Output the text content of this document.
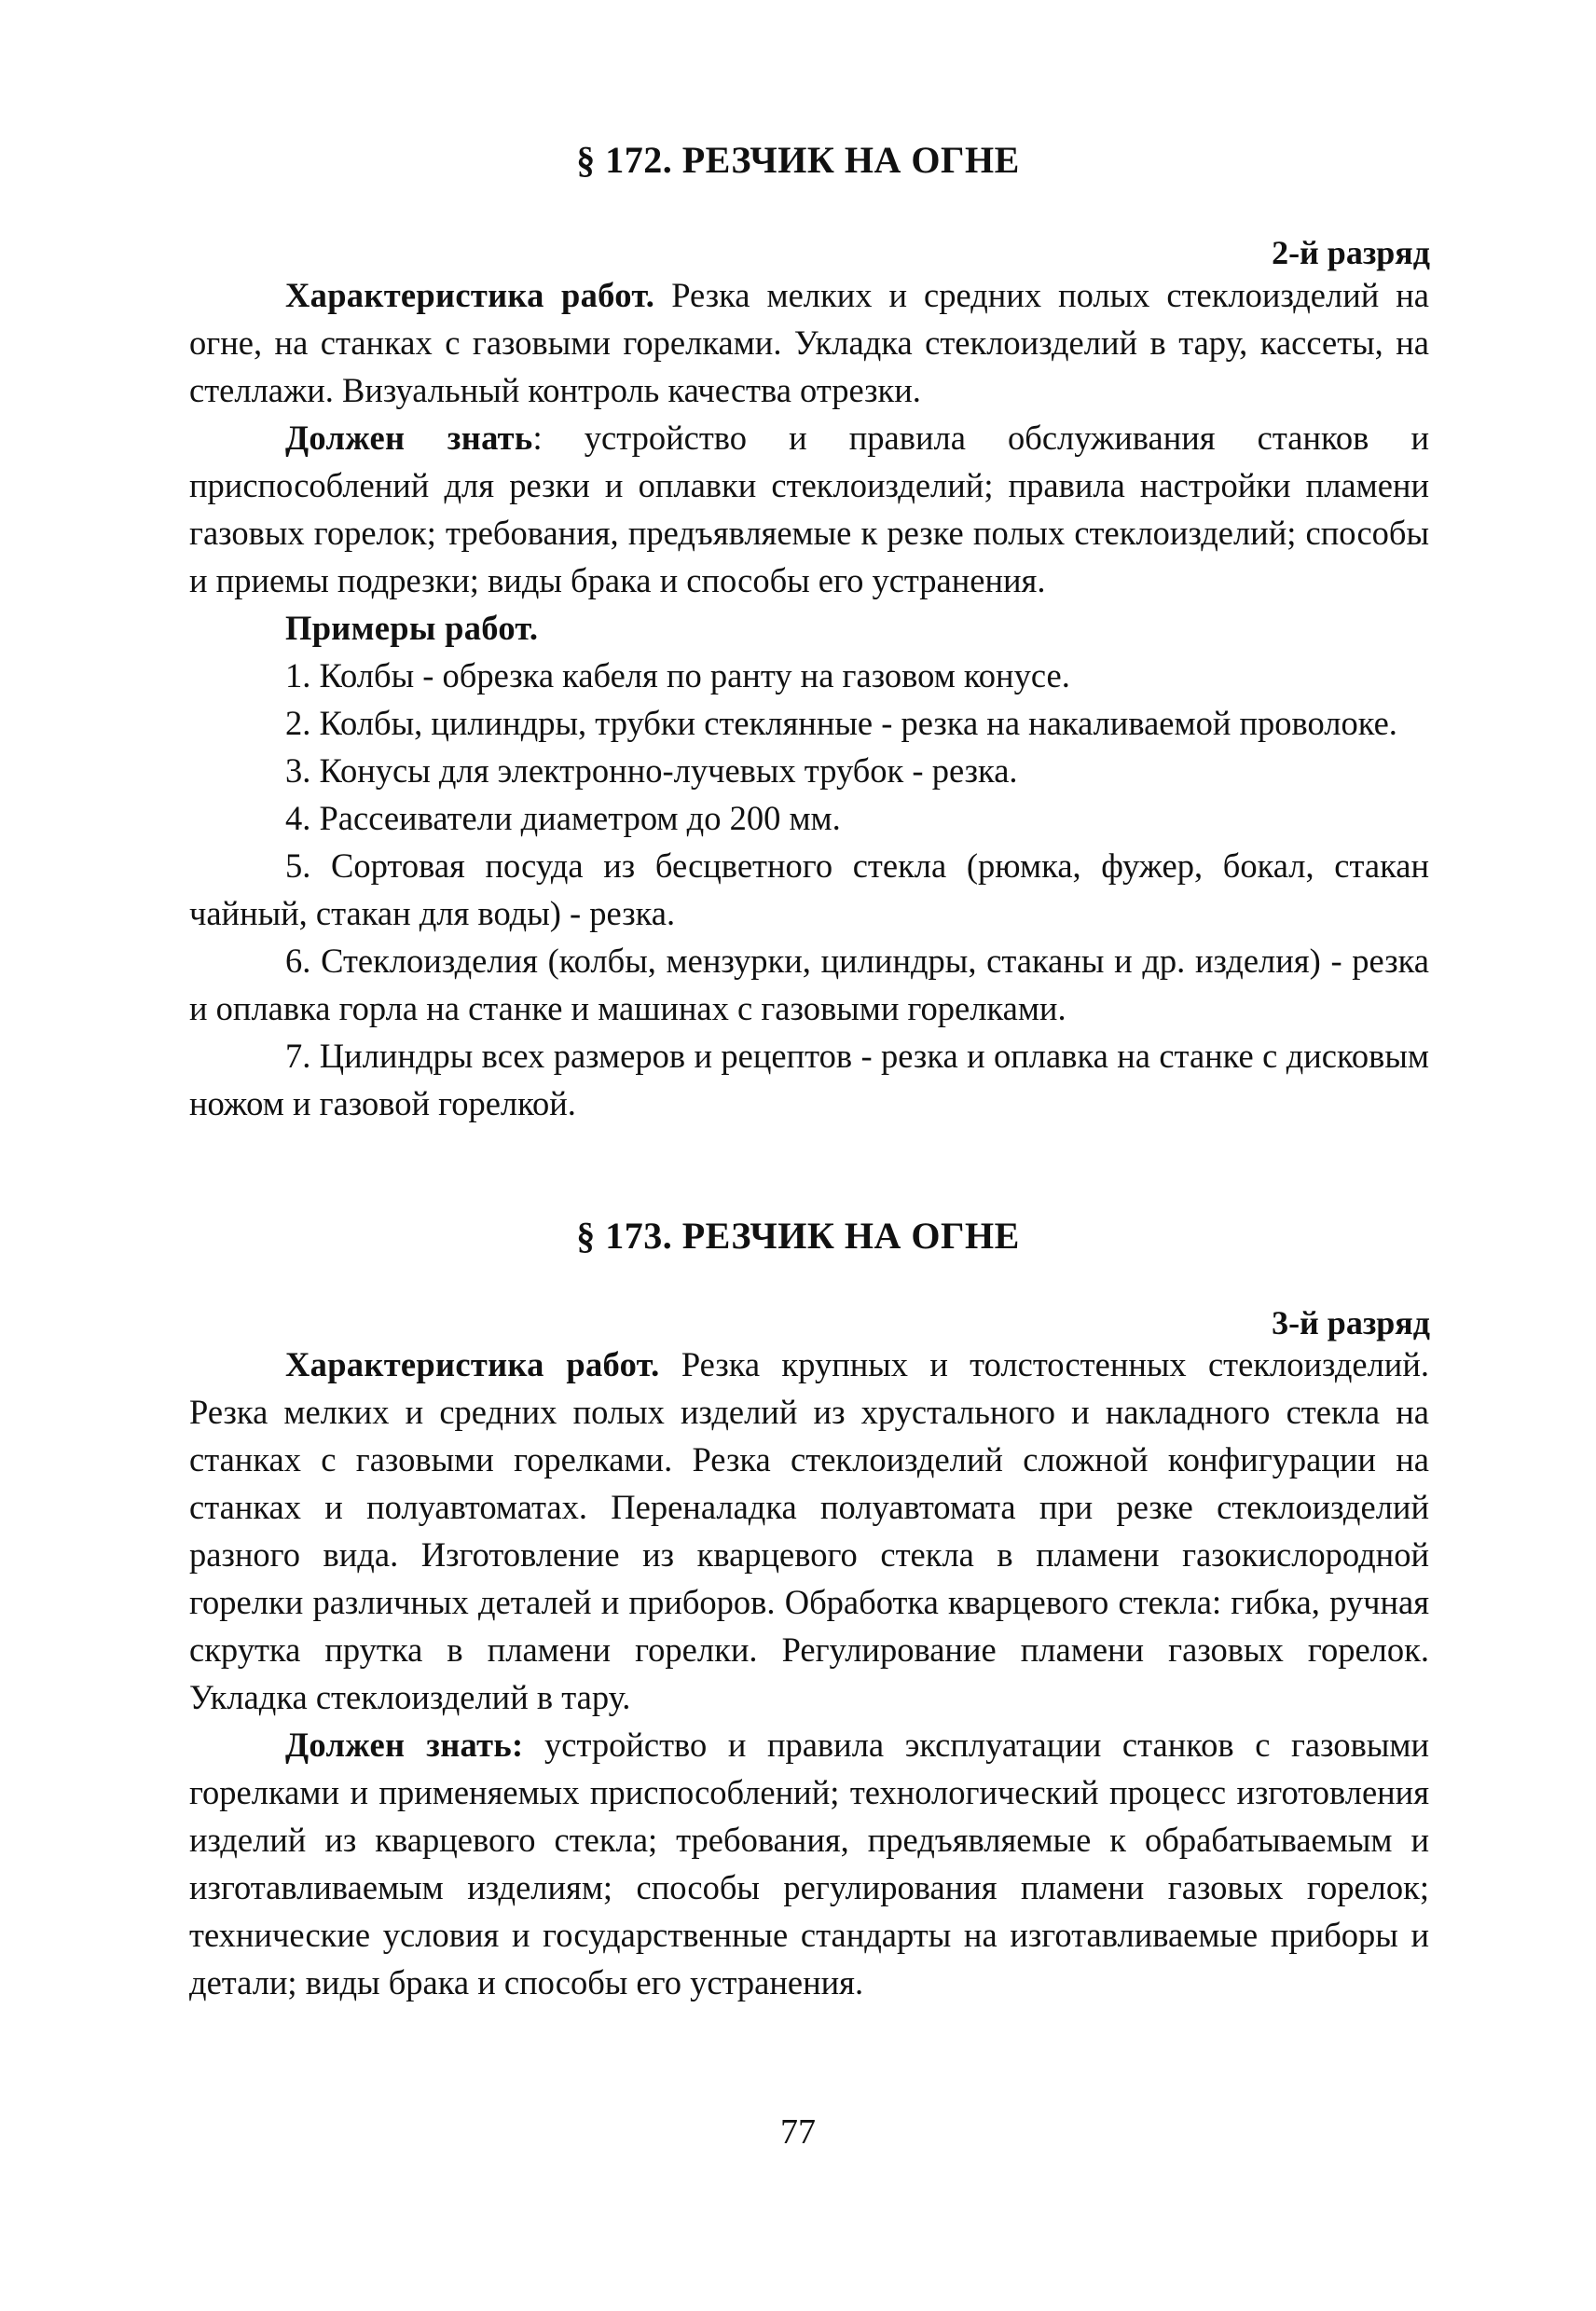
§ 172. РЕЗЧИК НА ОГНЕ

2-й разряд

Характеристика работ. Резка мелких и средних полых стеклоизделий на огне, на станках с газовыми горелками. Укладка стеклоизделий в тару, кассеты, на стеллажи. Визуальный контроль качества отрезки.

Должен знать: устройство и правила обслуживания станков и приспособлений для резки и оплавки стеклоизделий; правила настройки пламени газовых горелок; требования, предъявляемые к резке полых стеклоизделий; способы и приемы подрезки; виды брака и способы его устранения.

Примеры работ.

1. Колбы - обрезка кабеля по ранту на газовом конусе.

2. Колбы, цилиндры, трубки стеклянные - резка на накаливаемой проволоке.

3. Конусы для электронно-лучевых трубок - резка.

4. Рассеиватели диаметром до 200 мм.

5. Сортовая посуда из бесцветного стекла (рюмка, фужер, бокал, стакан чайный, стакан для воды) - резка.

6. Стеклоизделия (колбы, мензурки, цилиндры, стаканы и др. изделия) - резка и оплавка горла на станке и машинах с газовыми горелками.

7. Цилиндры всех размеров и рецептов - резка и оплавка на станке с дисковым ножом и газовой горелкой.

§ 173. РЕЗЧИК НА ОГНЕ

3-й разряд

Характеристика работ. Резка крупных и толстостенных стеклоизделий. Резка мелких и средних полых изделий из хрустального и накладного стекла на станках с газовыми горелками. Резка стеклоизделий сложной конфигурации на станках и полуавтоматах. Переналадка полуавтомата при резке стеклоизделий разного вида. Изготовление из кварцевого стекла в пламени газокислородной горелки различных деталей и приборов. Обработка кварцевого стекла: гибка, ручная скрутка прутка в пламени горелки. Регулирование пламени газовых горелок. Укладка стеклоизделий в тару.

Должен знать: устройство и правила эксплуатации станков с газовыми горелками и применяемых приспособлений; технологический процесс изготовления изделий из кварцевого стекла; требования, предъявляемые к обрабатываемым и изготавливаемым изделиям; способы регулирования пламени газовых горелок; технические условия и государственные стандарты на изготавливаемые приборы и детали; виды брака и способы его устранения.

77
